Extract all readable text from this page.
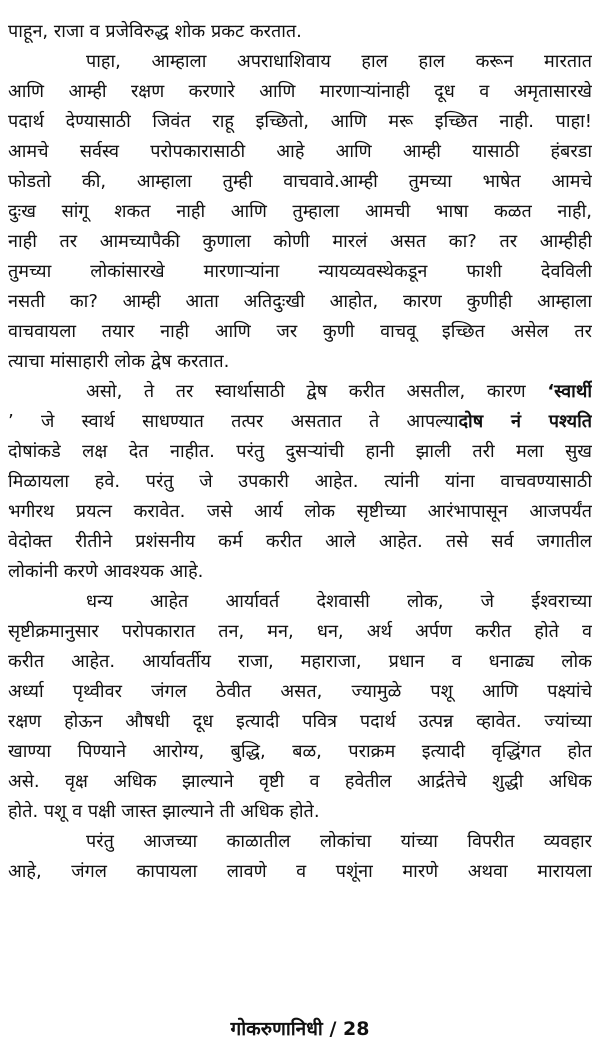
पाहून, राजा व प्रजेविरुद्ध शोक प्रकट करतात.
पाहा, आम्हाला अपराधाशिवाय हाल हाल करून मारतात
आणि आम्ही रक्षण करणारे आणि मारणाऱ्यांनाही दूध व अमृतासारखे
पदार्थ देण्यासाठी जिवंत राहू इच्छितो, आणि मरू इच्छित नाही. पाहा!
आमचे सर्वस्व परोपकारासाठी आहे आणि आम्ही यासाठी हंबरडा
फोडतो की, आम्हाला तुम्ही वाचवावे.आम्ही तुमच्या भाषेत आमचे
दुःख सांगू शकत नाही आणि तुम्हाला आमची भाषा कळत नाही,
नाही तर आमच्यापैकी कुणाला कोणी मारलं असत का? तर आम्हीही
तुमच्या लोकांसारखे मारणाऱ्यांना न्यायव्यवस्थेकडून फाशी देवविली
नसती का? आम्ही आता अतिदुःखी आहोत, कारण कुणीही आम्हाला
वाचवायला तयार नाही आणि जर कुणी वाचवू इच्छित असेल तर
त्याचा मांसाहारी लोक द्वेष करतात.
असो, ते तर स्वार्थासाठी द्वेष करीत असतील, कारण ‘स्वार्थी
’ जे स्वार्थ साधण्यात तत्पर असतात ते आपल्यादोष नं पश्यति
दोषांकडे लक्ष देत नाहीत. परंतु दुसऱ्यांची हानी झाली तरी मला सुख
मिळायला हवे. परंतु जे उपकारी आहेत. त्यांनी यांना वाचवण्यासाठी
भगीरथ प्रयत्न करावेत. जसे आर्य लोक सृष्टीच्या आरंभापासून आजपर्यंत
वेदोक्त रीतीने प्रशंसनीय कर्म करीत आले आहेत. तसे सर्व जगातील
लोकांनी करणे आवश्यक आहे.
धन्य आहेत आर्यावर्त देशवासी लोक, जे ईश्वराच्या
सृष्टीक्रमानुसार परोपकारात तन, मन, धन, अर्थ अर्पण करीत होते व
करीत आहेत. आर्यावर्तीय राजा, महाराजा, प्रधान व धनाढ्य लोक
अर्ध्या पृथ्वीवर जंगल ठेवीत असत, ज्यामुळे पशू आणि पक्ष्यांचे
रक्षण होऊन औषधी दूध इत्यादी पवित्र पदार्थ उत्पन्न व्हावेत. ज्यांच्या
खाण्या पिण्याने आरोग्य, बुद्धि, बळ, पराक्रम इत्यादी वृद्धिंगत होत
असे. वृक्ष अधिक झाल्याने वृष्टी व हवेतील आर्द्रतेचे शुद्धी अधिक
होते. पशू व पक्षी जास्त झाल्याने ती अधिक होते.
परंतु आजच्या काळातील लोकांचा यांच्या विपरीत व्यवहार
आहे, जंगल कापायला लावणे व पशूंना मारणे अथवा मारायला
गोकरुणानिधी / 28
